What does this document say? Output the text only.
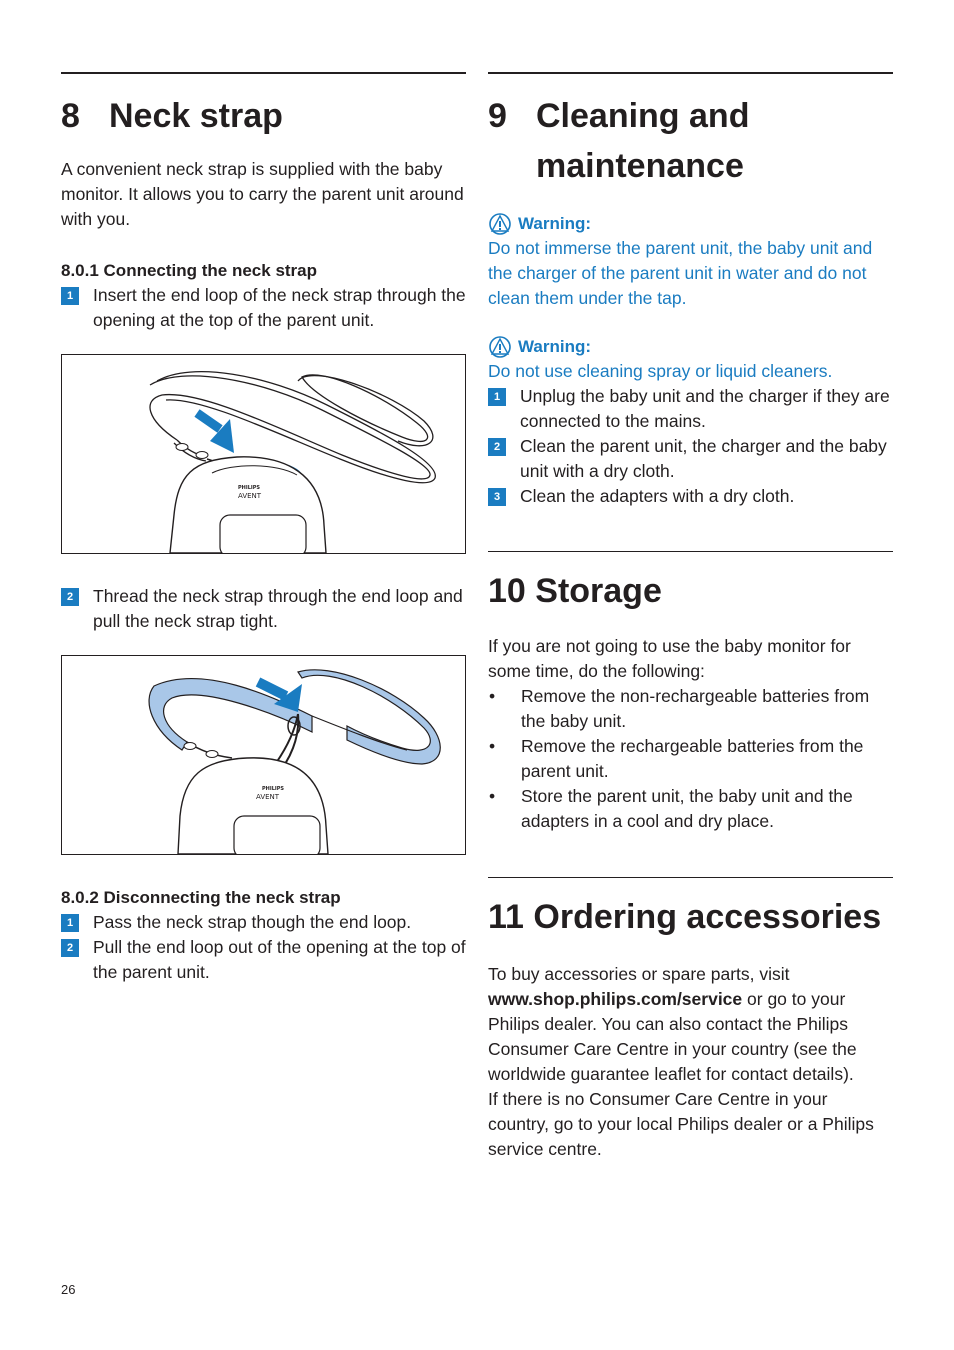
8 Neck strap

A convenient neck strap is supplied with the baby monitor. It allows you to carry the parent unit around with you.

8.0.1 Connecting the neck strap
1	Insert the end loop of the neck strap through the opening at the top of the parent unit.

PHILIPS
AVENT
2	Thread the neck strap through the end loop and pull the neck strap tight.

PHILIPS
AVENT
8.0.2 Disconnecting the neck strap
1	Pass the neck strap though the end loop.

2	Pull the end loop out of the opening at the top of the parent unit.

9 Cleaning and
maintenance
Warning:
Do not immerse the parent unit, the baby unit and the charger of the parent unit in water and do not clean them under the tap.
Warning:
Do not use cleaning spray or liquid cleaners.
1	Unplug the baby unit and the charger if they are connected to the mains.

2	Clean the parent unit, the charger and the baby unit with a dry cloth.

3	Clean the adapters with a dry cloth.

10 Storage

If you are not going to use the baby monitor for some time, do the following:

•	Remove the non-rechargeable batteries from the baby unit.

•	Remove the rechargeable batteries from the parent unit.

•	Store the parent unit, the baby unit and the adapters in a cool and dry place.

11 Ordering accessories

To buy accessories or spare parts, visit
www.shop.philips.com/service or go to your Philips dealer. You can also contact the Philips Consumer Care Centre in your country (see the worldwide guarantee leaflet for contact details).

If there is no Consumer Care Centre in your country, go to your local Philips dealer or a Philips service centre.

26
